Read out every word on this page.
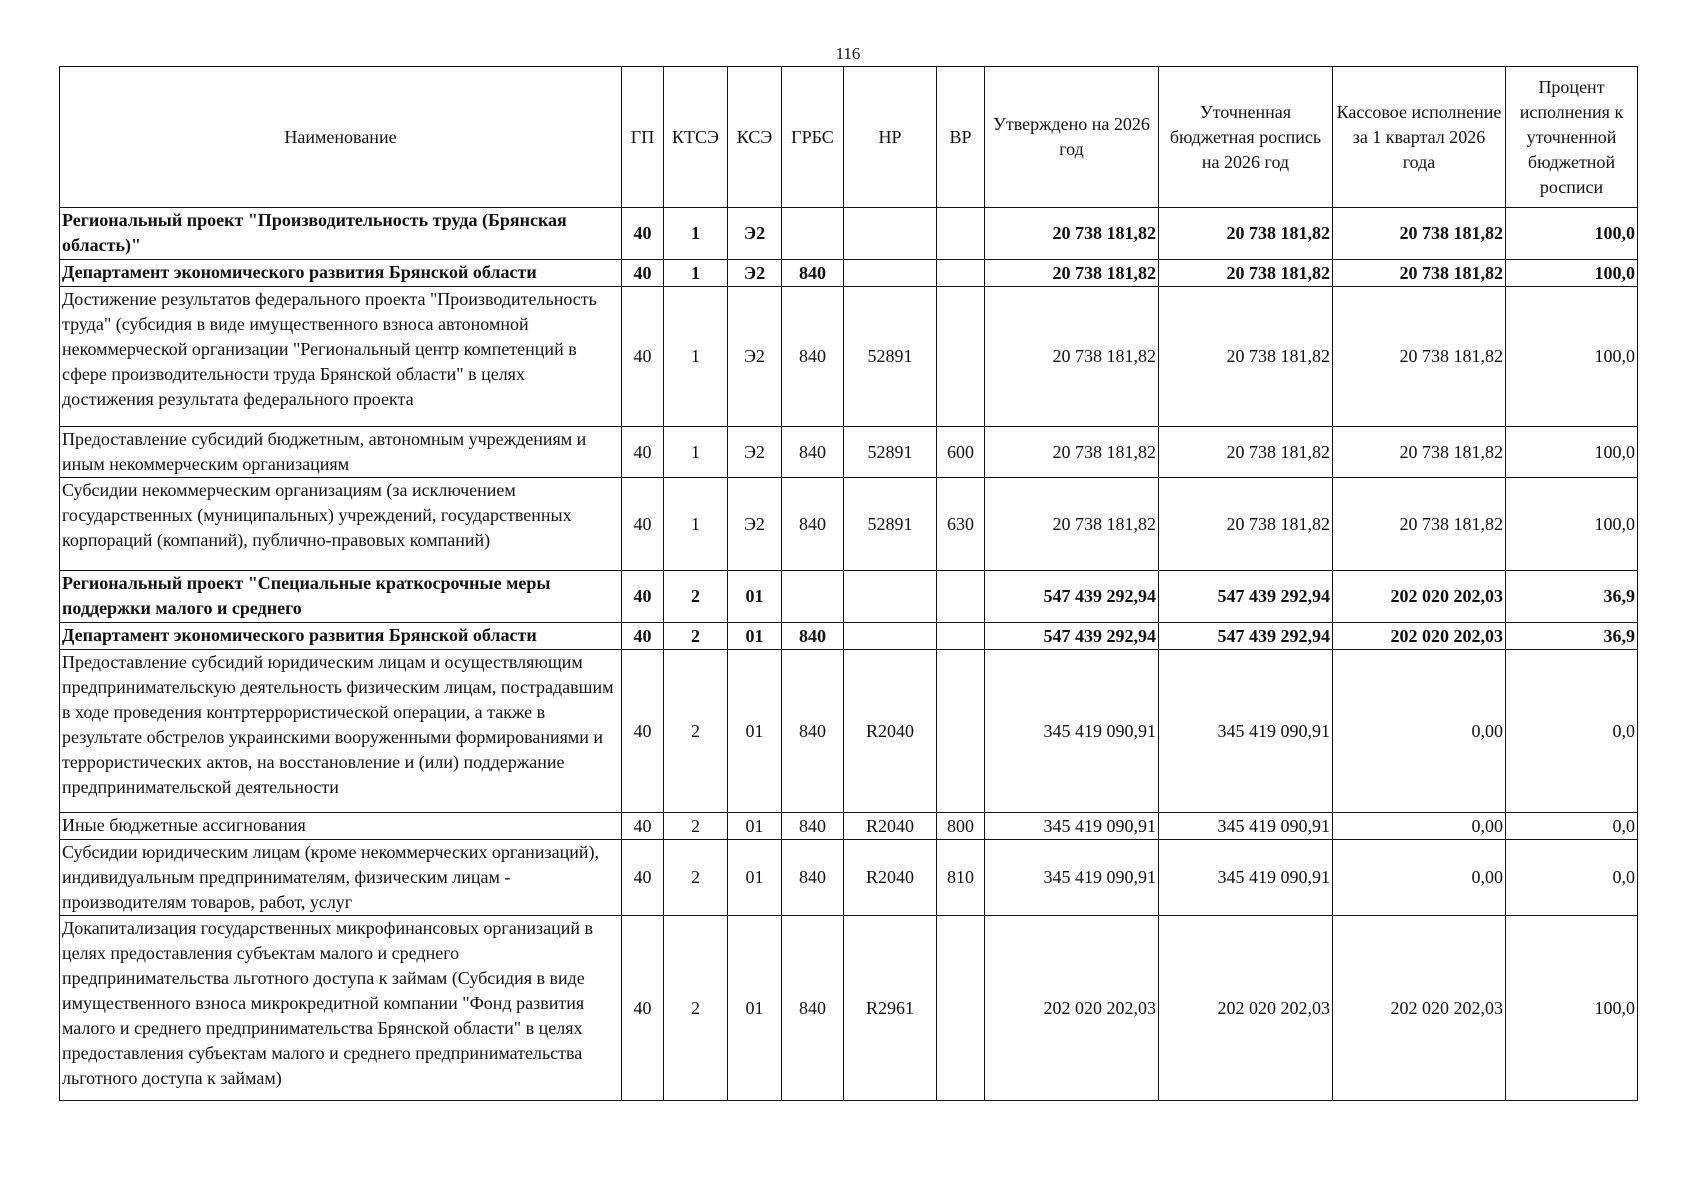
116
Наименование	ГП	КТСЭ	КСЭ	ГРБС	НР	ВР	Утверждено на 2026 год	Уточненная бюджетная роспись на 2026 год	Кассовое исполнение за 1 квартал 2026 года	Процент исполнения к уточненной бюджетной росписи
Региональный проект "Производительность труда (Брянская область)"	40	1	Э2				20 738 181,82	20 738 181,82	20 738 181,82	100,0
Департамент экономического развития Брянской области	40	1	Э2	840			20 738 181,82	20 738 181,82	20 738 181,82	100,0
Достижение результатов федерального проекта "Производительность труда" (субсидия в виде имущественного взноса автономной некоммерческой организации "Региональный центр компетенций в сфере производительности труда Брянской области" в целях достижения результата федерального проекта	40	1	Э2	840	52891		20 738 181,82	20 738 181,82	20 738 181,82	100,0
Предоставление субсидий бюджетным, автономным учреждениям и иным некоммерческим организациям	40	1	Э2	840	52891	600	20 738 181,82	20 738 181,82	20 738 181,82	100,0
Субсидии некоммерческим организациям (за исключением государственных (муниципальных) учреждений, государственных корпораций (компаний), публично-правовых компаний)	40	1	Э2	840	52891	630	20 738 181,82	20 738 181,82	20 738 181,82	100,0
Региональный проект "Специальные краткосрочные меры поддержки малого и среднего	40	2	01				547 439 292,94	547 439 292,94	202 020 202,03	36,9
Департамент экономического развития Брянской области	40	2	01	840			547 439 292,94	547 439 292,94	202 020 202,03	36,9
Предоставление субсидий юридическим лицам и осуществляющим предпринимательскую деятельность физическим лицам, пострадавшим в ходе проведения контртеррористической операции, а также в результате обстрелов украинскими вооруженными формированиями и террористических актов, на восстановление и (или) поддержание предпринимательской деятельности	40	2	01	840	R2040		345 419 090,91	345 419 090,91	0,00	0,0
Иные бюджетные ассигнования	40	2	01	840	R2040	800	345 419 090,91	345 419 090,91	0,00	0,0
Субсидии юридическим лицам (кроме некоммерческих организаций), индивидуальным предпринимателям, физическим лицам - производителям товаров, работ, услуг	40	2	01	840	R2040	810	345 419 090,91	345 419 090,91	0,00	0,0
Докапитализация государственных микрофинансовых организаций в целях предоставления субъектам малого и среднего предпринимательства льготного доступа к займам (Субсидия в виде имущественного взноса микрокредитной компании "Фонд развития малого и среднего предпринимательства Брянской области" в целях предоставления субъектам малого и среднего предпринимательства льготного доступа к займам)	40	2	01	840	R2961		202 020 202,03	202 020 202,03	202 020 202,03	100,0
